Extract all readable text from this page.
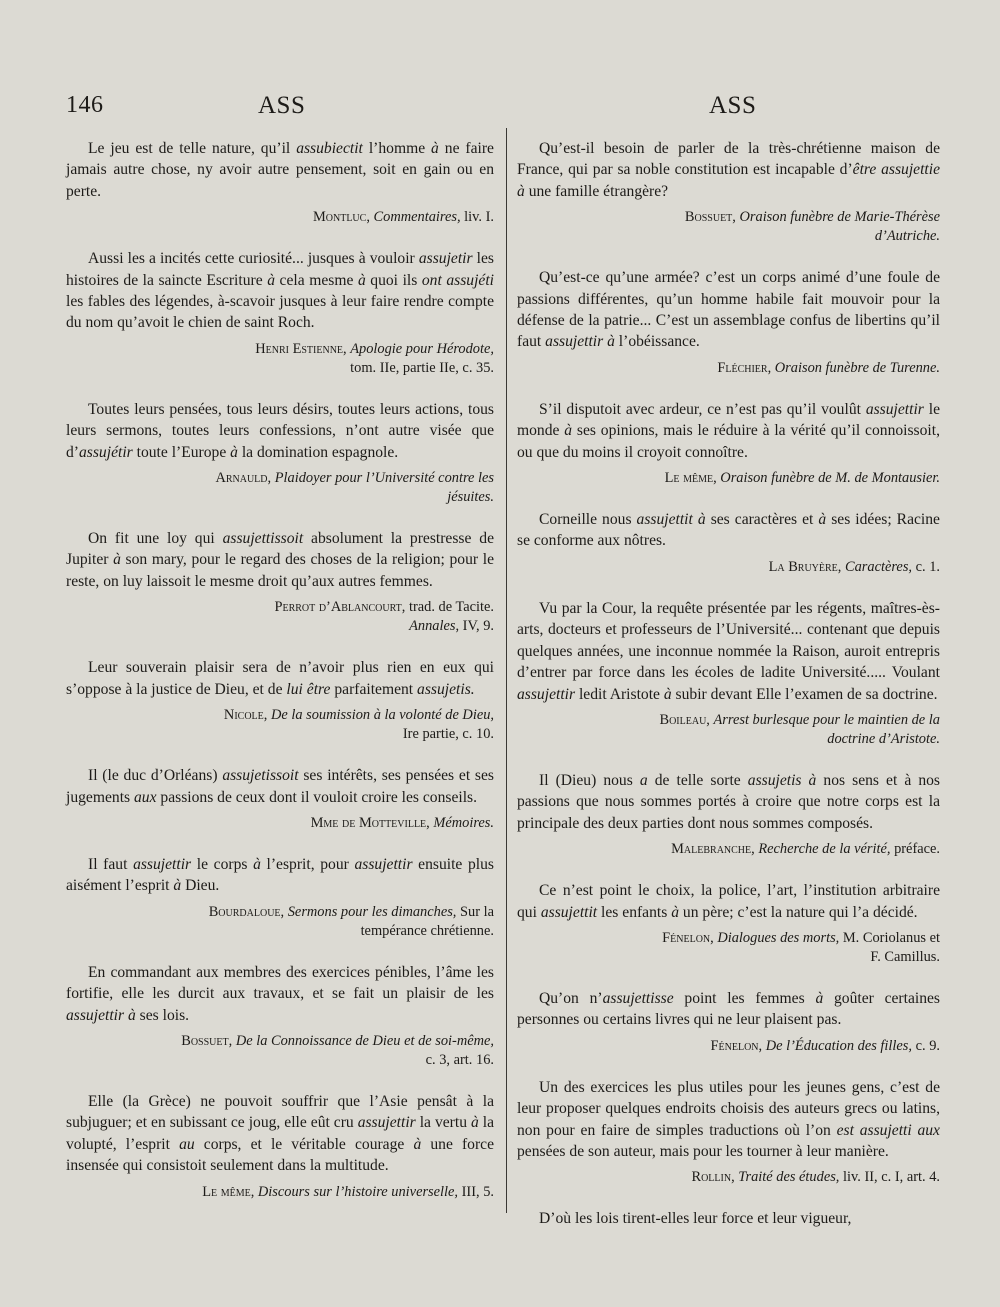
146	ASS	ASS

Le jeu est de telle nature, qu’il assubiectit l’homme à ne faire jamais autre chose, ny avoir autre pensement, soit en gain ou en perte.

Montluc, Commentaires, liv. I.

Aussi les a incités cette curiosité... jusques à vouloir assujetir les histoires de la saincte Escriture à cela mesme à quoi ils ont assujéti les fables des légendes, à-scavoir jusques à leur faire rendre compte du nom qu’avoit le chien de saint Roch.

Henri Estienne, Apologie pour Hérodote,
tom. IIe, partie IIe, c. 35.

Toutes leurs pensées, tous leurs désirs, toutes leurs actions, tous leurs sermons, toutes leurs confessions, n’ont autre visée que d’assujétir toute l’Europe à la domination espagnole.

Arnauld, Plaidoyer pour l’Université contre les
jésuites.

On fit une loy qui assujettissoit absolument la prestresse de Jupiter à son mary, pour le regard des choses de la religion; pour le reste, on luy laissoit le mesme droit qu’aux autres femmes.

Perrot d’Ablancourt, trad. de Tacite.
Annales, IV, 9.

Leur souverain plaisir sera de n’avoir plus rien en eux qui s’oppose à la justice de Dieu, et de lui être parfaitement assujetis.

Nicole, De la soumission à la volonté de Dieu,
Ire partie, c. 10.

Il (le duc d’Orléans) assujetissoit ses intérêts, ses pensées et ses jugements aux passions de ceux dont il vouloit croire les conseils.

Mme de Motteville, Mémoires.

Il faut assujettir le corps à l’esprit, pour assujettir ensuite plus aisément l’esprit à Dieu.

Bourdaloue, Sermons pour les dimanches, Sur la
tempérance chrétienne.

En commandant aux membres des exercices pénibles, l’âme les fortifie, elle les durcit aux travaux, et se fait un plaisir de les assujettir à ses lois.

Bossuet, De la Connoissance de Dieu et de soi-même,
c. 3, art. 16.

Elle (la Grèce) ne pouvoit souffrir que l’Asie pensât à la subjuguer; et en subissant ce joug, elle eût cru assujettir la vertu à la volupté, l’esprit au corps, et le véritable courage à une force insensée qui consistoit seulement dans la multitude.

Le même, Discours sur l’histoire universelle, III, 5.

Qu’est-il besoin de parler de la très-chrétienne maison de France, qui par sa noble constitution est incapable d’être assujettie à une famille étrangère?

Bossuet, Oraison funèbre de Marie-Thérèse
d’Autriche.

Qu’est-ce qu’une armée? c’est un corps animé d’une foule de passions différentes, qu’un homme habile fait mouvoir pour la défense de la patrie... C’est un assemblage confus de libertins qu’il faut assujettir à l’obéissance.

Fléchier, Oraison funèbre de Turenne.

S’il disputoit avec ardeur, ce n’est pas qu’il voulût assujettir le monde à ses opinions, mais le réduire à la vérité qu’il connoissoit, ou que du moins il croyoit connoître.

Le même, Oraison funèbre de M. de Montausier.

Corneille nous assujettit à ses caractères et à ses idées; Racine se conforme aux nôtres.

La Bruyère, Caractères, c. 1.

Vu par la Cour, la requête présentée par les régents, maîtres-ès-arts, docteurs et professeurs de l’Université... contenant que depuis quelques années, une inconnue nommée la Raison, auroit entrepris d’entrer par force dans les écoles de ladite Université..... Voulant assujettir ledit Aristote à subir devant Elle l’examen de sa doctrine.

Boileau, Arrest burlesque pour le maintien de la
doctrine d’Aristote.

Il (Dieu) nous a de telle sorte assujetis à nos sens et à nos passions que nous sommes portés à croire que notre corps est la principale des deux parties dont nous sommes composés.

Malebranche, Recherche de la vérité, préface.

Ce n’est point le choix, la police, l’art, l’institution arbitraire qui assujettit les enfants à un père; c’est la nature qui l’a décidé.

Fénelon, Dialogues des morts, M. Coriolanus et
F. Camillus.

Qu’on n’assujettisse point les femmes à goûter certaines personnes ou certains livres qui ne leur plaisent pas.

Fénelon, De l’Éducation des filles, c. 9.

Un des exercices les plus utiles pour les jeunes gens, c’est de leur proposer quelques endroits choisis des auteurs grecs ou latins, non pour en faire de simples traductions où l’on est assujetti aux pensées de son auteur, mais pour les tourner à leur manière.

Rollin, Traité des études, liv. II, c. I, art. 4.

D’où les lois tirent-elles leur force et leur vigueur,
